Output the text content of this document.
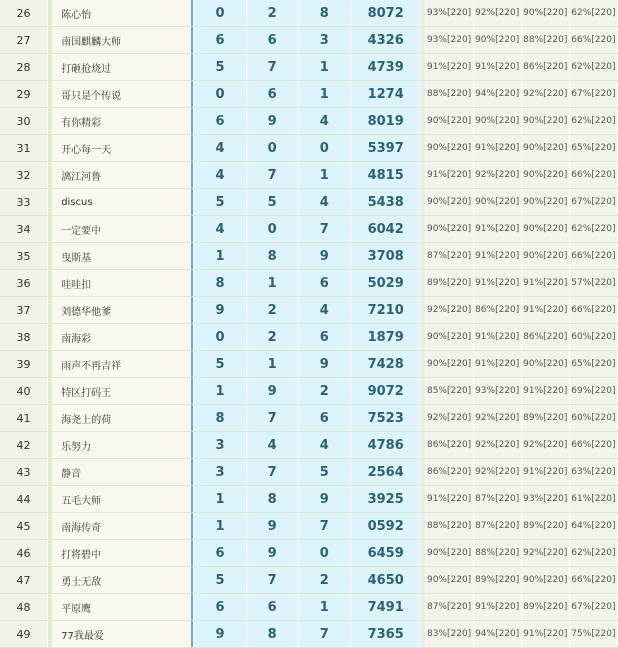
26		陈心怡		0	2	8	8072		93%[220]	92%[220]	90%[220]	62%[220]
27		南国麒麟大师		6	6	3	4326		93%[220]	90%[220]	88%[220]	66%[220]
28		打砸抢烧过		5	7	1	4739		91%[220]	91%[220]	86%[220]	62%[220]
29		哥只是个传说		0	6	1	1274		88%[220]	94%[220]	92%[220]	67%[220]
30		有你精彩		6	9	4	8019		90%[220]	90%[220]	90%[220]	62%[220]
31		开心每一天		4	0	0	5397		90%[220]	91%[220]	90%[220]	65%[220]
32		漓江河鲁		4	7	1	4815		91%[220]	92%[220]	90%[220]	66%[220]
33		discus		5	5	4	5438		90%[220]	90%[220]	90%[220]	67%[220]
34		一定要中		4	0	7	6042		90%[220]	91%[220]	90%[220]	62%[220]
35		曳斯基		1	8	9	3708		87%[220]	91%[220]	90%[220]	66%[220]
36		哇哇扣		8	1	6	5029		89%[220]	91%[220]	91%[220]	57%[220]
37		刘德华他爹		9	2	4	7210		92%[220]	86%[220]	91%[220]	66%[220]
38		南海彩		0	2	6	1879		90%[220]	91%[220]	86%[220]	60%[220]
39		雨声不再吉祥		5	1	9	7428		90%[220]	91%[220]	90%[220]	65%[220]
40		特区打码王		1	9	2	9072		85%[220]	93%[220]	91%[220]	69%[220]
41		海尧上的荷		8	7	6	7523		92%[220]	92%[220]	89%[220]	60%[220]
42		乐努力		3	4	4	4786		86%[220]	92%[220]	92%[220]	66%[220]
43		静音		3	7	5	2564		86%[220]	92%[220]	91%[220]	63%[220]
44		五毛大师		1	8	9	3925		91%[220]	87%[220]	93%[220]	61%[220]
45		南海传奇		1	9	7	0592		88%[220]	87%[220]	89%[220]	64%[220]
46		打将碧中		6	9	0	6459		90%[220]	88%[220]	92%[220]	62%[220]
47		勇士无敌		5	7	2	4650		90%[220]	89%[220]	90%[220]	66%[220]
48		平原鹰		6	6	1	7491		87%[220]	91%[220]	89%[220]	67%[220]
49		77我最爱		9	8	7	7365		83%[220]	94%[220]	91%[220]	75%[220]
